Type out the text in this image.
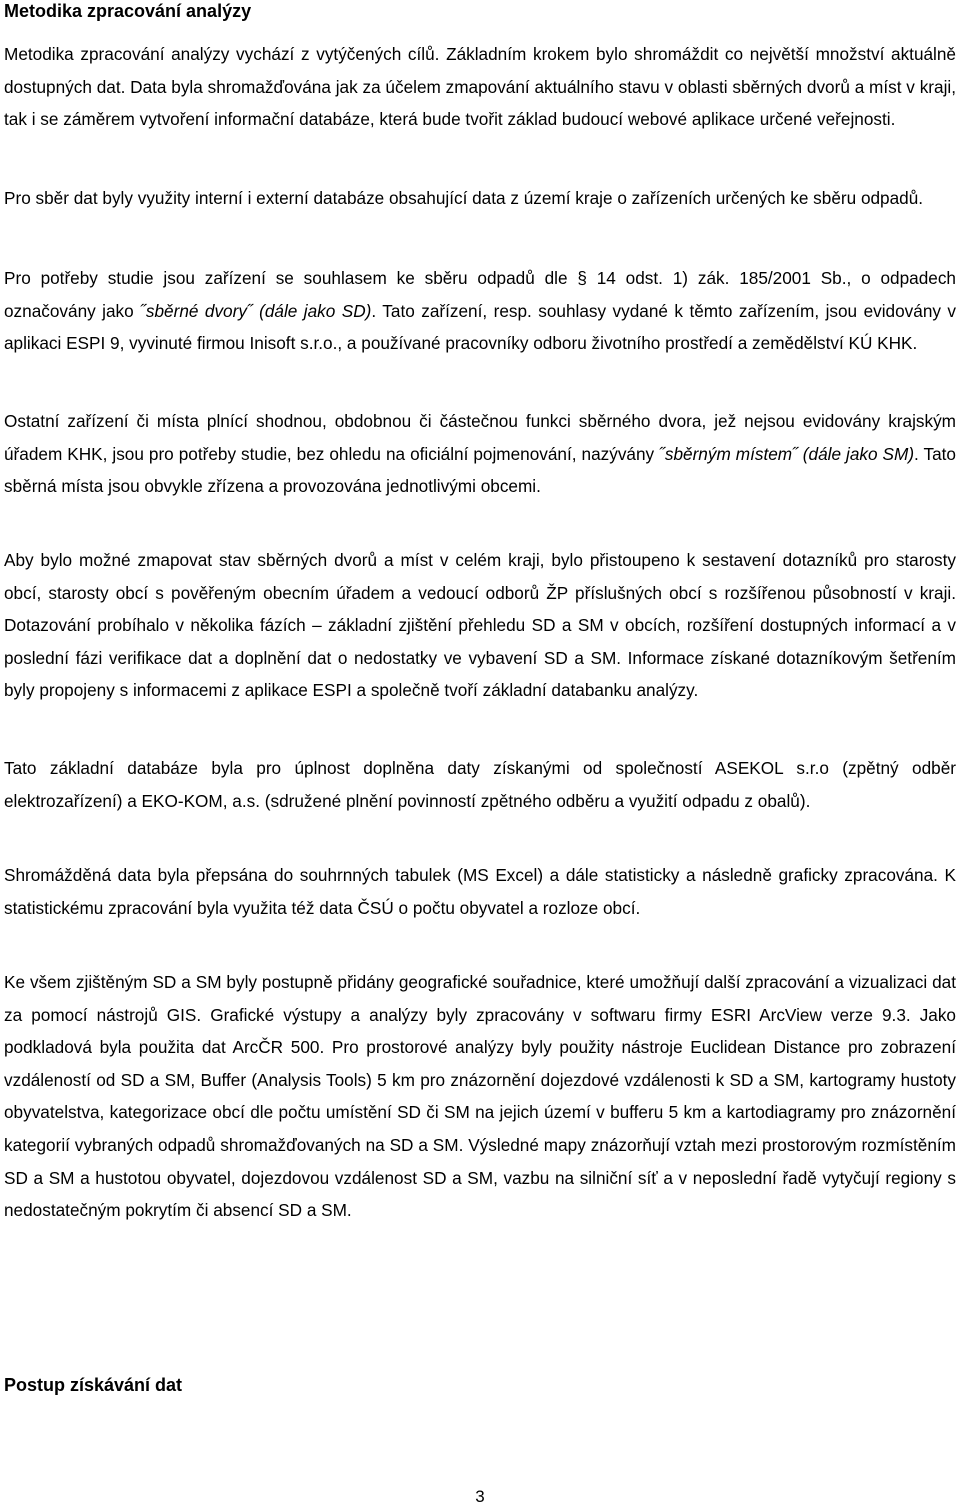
Metodika zpracování analýzy

Metodika zpracování analýzy vychází z vytýčených cílů. Základním krokem bylo shromáždit co největší množství aktuálně dostupných dat. Data byla shromažďována jak za účelem zmapování aktuálního stavu v oblasti sběrných dvorů a míst v kraji, tak i se záměrem vytvoření informační databáze, která bude tvořit základ budoucí webové aplikace určené veřejnosti.

Pro sběr dat byly využity interní i externí databáze obsahující data z území kraje o zařízeních určených ke sběru odpadů.

Pro potřeby studie jsou zařízení se souhlasem ke sběru odpadů dle § 14 odst. 1) zák. 185/2001 Sb., o odpadech označovány jako ˝sběrné dvory˝ (dále jako SD). Tato zařízení, resp. souhlasy vydané k těmto zařízením, jsou evidovány v aplikaci ESPI 9, vyvinuté firmou Inisoft s.r.o., a používané pracovníky odboru životního prostředí a zemědělství KÚ KHK.

Ostatní zařízení či místa plnící shodnou, obdobnou či částečnou funkci sběrného dvora, jež nejsou evidovány krajským úřadem KHK, jsou pro potřeby studie, bez ohledu na oficiální pojmenování, nazývány ˝sběrným místem˝ (dále jako SM). Tato sběrná místa jsou obvykle zřízena a provozována jednotlivými obcemi.

Aby bylo možné zmapovat stav sběrných dvorů a míst v celém kraji, bylo přistoupeno k sestavení dotazníků pro starosty obcí, starosty obcí s pověřeným obecním úřadem a vedoucí odborů ŽP příslušných obcí s rozšířenou působností v kraji. Dotazování probíhalo v několika fázích – základní zjištění přehledu SD a SM v obcích, rozšíření dostupných informací a v poslední fázi verifikace dat a doplnění dat o nedostatky ve vybavení SD a SM. Informace získané dotazníkovým šetřením byly propojeny s informacemi z aplikace ESPI a společně tvoří základní databanku analýzy.

Tato základní databáze byla pro úplnost doplněna daty získanými od společností ASEKOL s.r.o (zpětný odběr elektrozařízení) a EKO-KOM, a.s. (sdružené plnění povinností zpětného odběru a využití odpadu z obalů).

Shromážděná data byla přepsána do souhrnných tabulek (MS Excel) a dále statisticky a následně graficky zpracována. K statistickému zpracování byla využita též data ČSÚ o počtu obyvatel a rozloze obcí.

Ke všem zjištěným SD a SM byly postupně přidány geografické souřadnice, které umožňují další zpracování a vizualizaci dat za pomocí nástrojů GIS. Grafické výstupy a analýzy byly zpracovány v softwaru firmy ESRI ArcView verze 9.3. Jako podkladová byla použita dat ArcČR 500. Pro prostorové analýzy byly použity nástroje Euclidean Distance pro zobrazení vzdáleností od SD a SM, Buffer (Analysis Tools) 5 km pro znázornění dojezdové vzdálenosti k SD a SM, kartogramy hustoty obyvatelstva, kategorizace obcí dle počtu umístění SD či SM na jejich území v bufferu 5 km a kartodiagramy pro znázornění kategorií vybraných odpadů shromažďovaných na SD a SM. Výsledné mapy znázorňují vztah mezi prostorovým rozmístěním SD a SM a hustotou obyvatel, dojezdovou vzdálenost SD a SM, vazbu na silniční síť a v neposlední řadě vytyčují regiony s nedostatečným pokrytím či absencí SD a SM.

Postup získávání dat
3
